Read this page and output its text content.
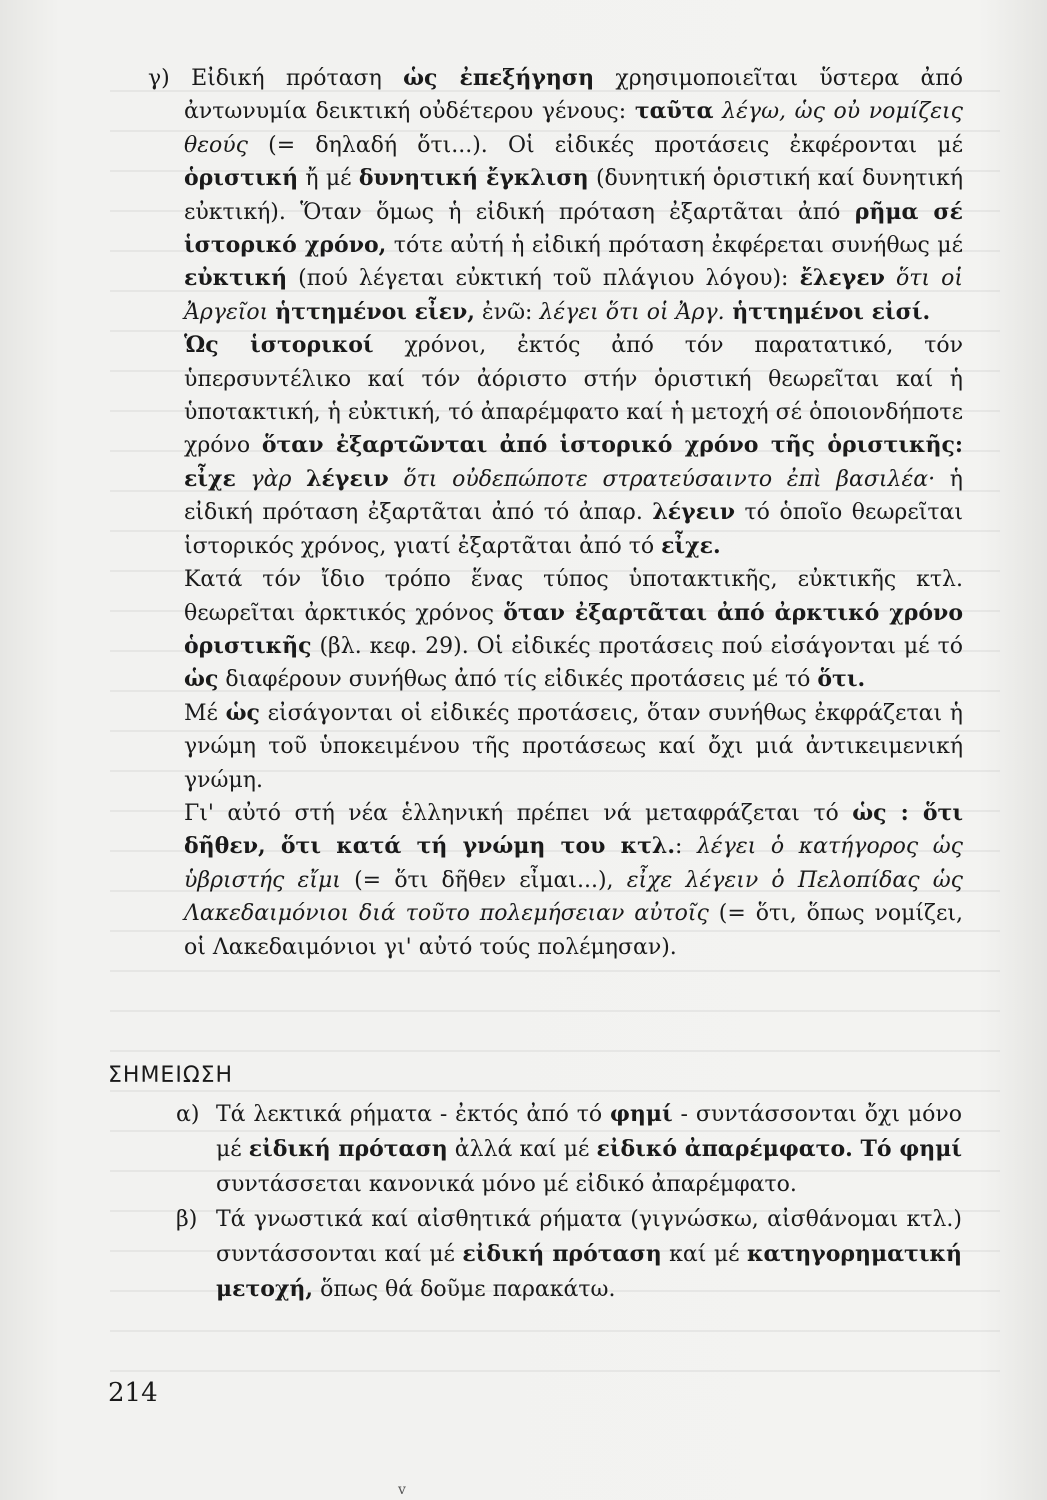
γ) Εἰδική πρόταση ὡς ἐπεξήγηση χρησιμοποιεῖται ὕστερα ἀπό ἀντωνυμία δεικτική οὐδέτερου γένους: ταῦτα λέγω, ὡς οὐ νομίζεις θεούς (= δηλαδή ὅτι...). Οἱ εἰδικές προτάσεις ἐκφέρονται μέ ὁριστική ἤ μέ δυνητική ἔγκλιση (δυνητική ὁριστική καί δυνητική εὐκτική). Ὅταν ὅμως ἡ εἰδική πρόταση ἐξαρτᾶται ἀπό ρῆμα σέ ἱστορικό χρόνο, τότε αὐτή ἡ εἰδική πρόταση ἐκφέρεται συνήθως μέ εὐκτική (πού λέγεται εὐκτική τοῦ πλάγιου λόγου): ἔλεγεν ὅτι οἱ Ἀργεῖοι ἡττημένοι εἶεν, ἐνῶ: λέγει ὅτι οἱ Ἀργ. ἡττημένοι εἰσί.

Ὡς ἱστορικοί χρόνοι, ἐκτός ἀπό τόν παρατατικό, τόν ὑπερσυντέλικο καί τόν ἀόριστο στήν ὁριστική θεωρεῖται καί ἡ ὑποτακτική, ἡ εὐκτική, τό ἀπαρέμφατο καί ἡ μετοχή σέ ὁποιονδήποτε χρόνο ὅταν ἐξαρτῶνται ἀπό ἱστορικό χρόνο τῆς ὁριστικῆς: εἶχε γὰρ λέγειν ὅτι οὐδεπώποτε στρατεύσαιντο ἐπὶ βασιλέα· ἡ εἰδική πρόταση ἐξαρτᾶται ἀπό τό ἀπαρ. λέγειν τό ὁποῖο θεωρεῖται ἱστορικός χρόνος, γιατί ἐξαρτᾶται ἀπό τό εἶχε.

Κατά τόν ἴδιο τρόπο ἕνας τύπος ὑποτακτικῆς, εὐκτικῆς κτλ. θεωρεῖται ἀρκτικός χρόνος ὅταν ἐξαρτᾶται ἀπό ἀρκτικό χρόνο ὁριστικῆς (βλ. κεφ. 29). Οἱ εἰδικές προτάσεις πού εἰσάγονται μέ τό ὡς διαφέρουν συνήθως ἀπό τίς εἰδικές προτάσεις μέ τό ὅτι.

Μέ ὡς εἰσάγονται οἱ εἰδικές προτάσεις, ὅταν συνήθως ἐκφράζεται ἡ γνώμη τοῦ ὑποκειμένου τῆς προτάσεως καί ὄχι μιά ἀντικειμενική γνώμη.

Γι' αὐτό στή νέα ἑλληνική πρέπει νά μεταφράζεται τό ὡς : ὅτι δῆθεν, ὅτι κατά τή γνώμη του κτλ.: λέγει ὁ κατήγορος ὡς ὑβριστής εἴμι (= ὅτι δῆθεν εἶμαι...), εἶχε λέγειν ὁ Πελοπίδας ὡς Λακεδαιμόνιοι διά τοῦτο πολεμήσειαν αὐτοῖς (= ὅτι, ὅπως νομίζει, οἱ Λακεδαιμόνιοι γι' αὐτό τούς πολέμησαν).

ΣΗΜΕΙΩΣΗ
α) Τά λεκτικά ρήματα - ἐκτός ἀπό τό φημί - συντάσσονται ὄχι μόνο μέ εἰδική πρόταση ἀλλά καί μέ εἰδικό ἀπαρέμφατο. Τό φημί συντάσσεται κανονικά μόνο μέ εἰδικό ἀπαρέμφατο.
β) Τά γνωστικά καί αἰσθητικά ρήματα (γιγνώσκω, αἰσθάνομαι κτλ.) συντάσσονται καί μέ εἰδική πρόταση καί μέ κατηγορηματική μετοχή, ὅπως θά δοῦμε παρακάτω.
214
ⅴ
